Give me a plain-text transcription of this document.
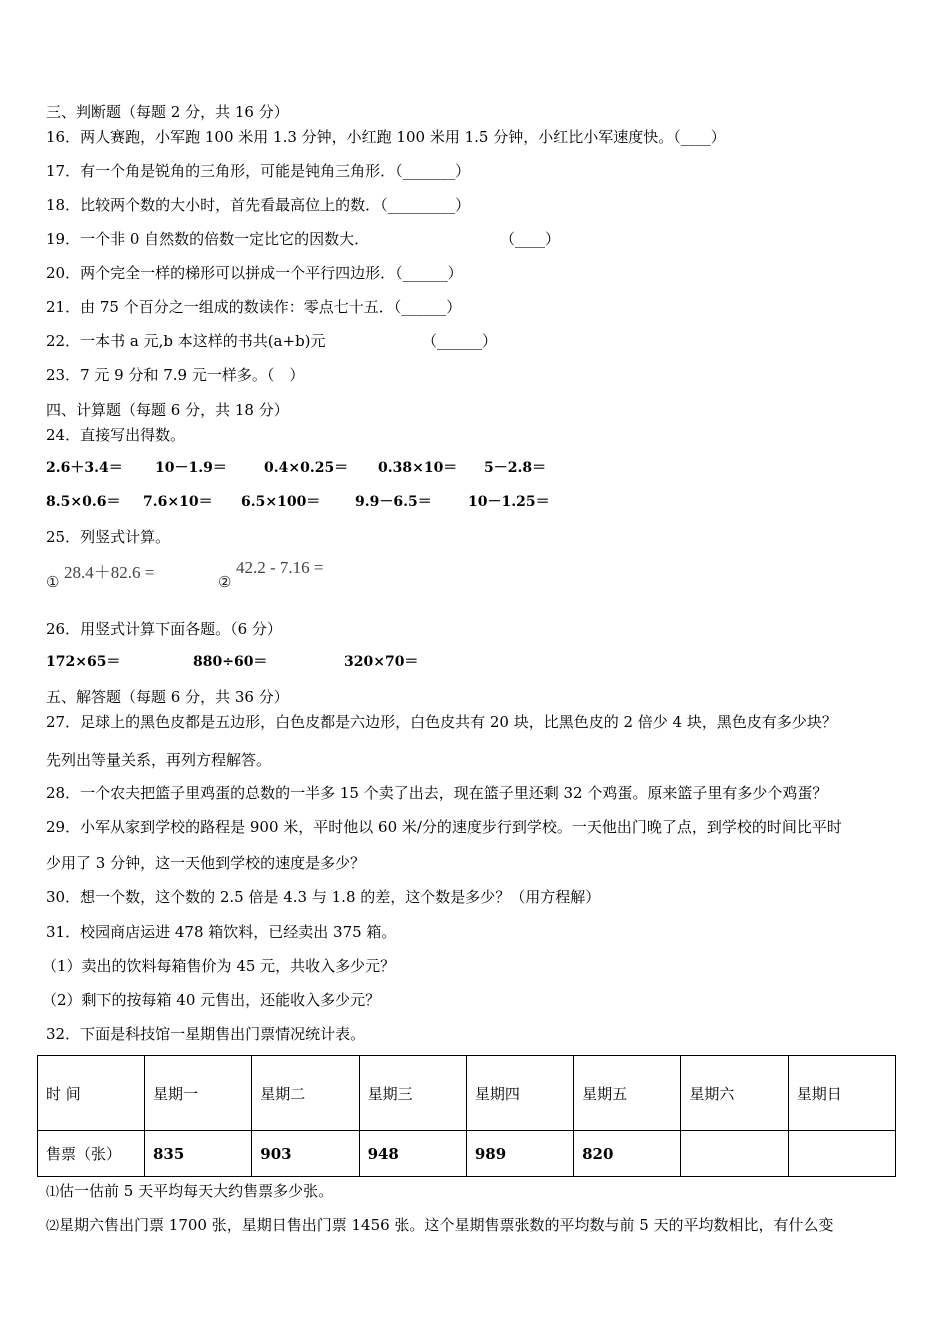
三、判断题（每题 2 分，共 16 分）
16．两人赛跑，小军跑 100 米用 1.3 分钟，小红跑 100 米用 1.5 分钟，小红比小军速度快。（____）
17．有一个角是锐角的三角形，可能是钝角三角形．（_______）
18．比较两个数的大小时，首先看最高位上的数．（_________）
19．一个非 0 自然数的倍数一定比它的因数大．	（____）
20．两个完全一样的梯形可以拼成一个平行四边形．（______）
21．由 75 个百分之一组成的数读作：零点七十五．（______）
22．一本书 a 元,b 本这样的书共(a+b)元	（______）
23．7 元 9 分和 7.9 元一样多。（　）
四、计算题（每题 6 分，共 18 分）
24．直接写出得数。
2.6＋3.4＝ 10－1.9＝	0.4×0.25＝ 0.38×10＝ 5－2.8＝
8.5×0.6＝ 7.6×10＝ 6.5×100＝ 9.9－6.5＝	10－1.25＝
25．列竖式计算。
① 28.4＋82.6 =	②
42.2 - 7.16 =
26．用竖式计算下面各题。（6 分）
172×65＝	880÷60＝	320×70＝
五、解答题（每题 6 分，共 36 分）
27．足球上的黑色皮都是五边形，白色皮都是六边形，白色皮共有 20 块，比黑色皮的 2 倍少 4 块，黑色皮有多少块？
先列出等量关系，再列方程解答。
28．一个农夫把篮子里鸡蛋的总数的一半多 15 个卖了出去，现在篮子里还剩 32 个鸡蛋。原来篮子里有多少个鸡蛋？
29．小军从家到学校的路程是 900 米，平时他以 60 米/分的速度步行到学校。一天他出门晚了点，到学校的时间比平时
少用了 3 分钟，这一天他到学校的速度是多少？
30．想一个数，这个数的 2.5 倍是 4.3 与 1.8 的差，这个数是多少？（用方程解）
31．校园商店运进 478 箱饮料，已经卖出 375 箱。
（1）卖出的饮料每箱售价为 45 元，共收入多少元？
（2）剩下的按每箱 40 元售出，还能收入多少元？
32．下面是科技馆一星期售出门票情况统计表。
时 间	星期一	星期二	星期三	星期四	星期五	星期六	星期日
售票（张）	835	903	948	989	820		
⑴估一估前 5 天平均每天大约售票多少张。
⑵星期六售出门票 1700 张，星期日售出门票 1456 张。这个星期售票张数的平均数与前 5 天的平均数相比，有什么变
